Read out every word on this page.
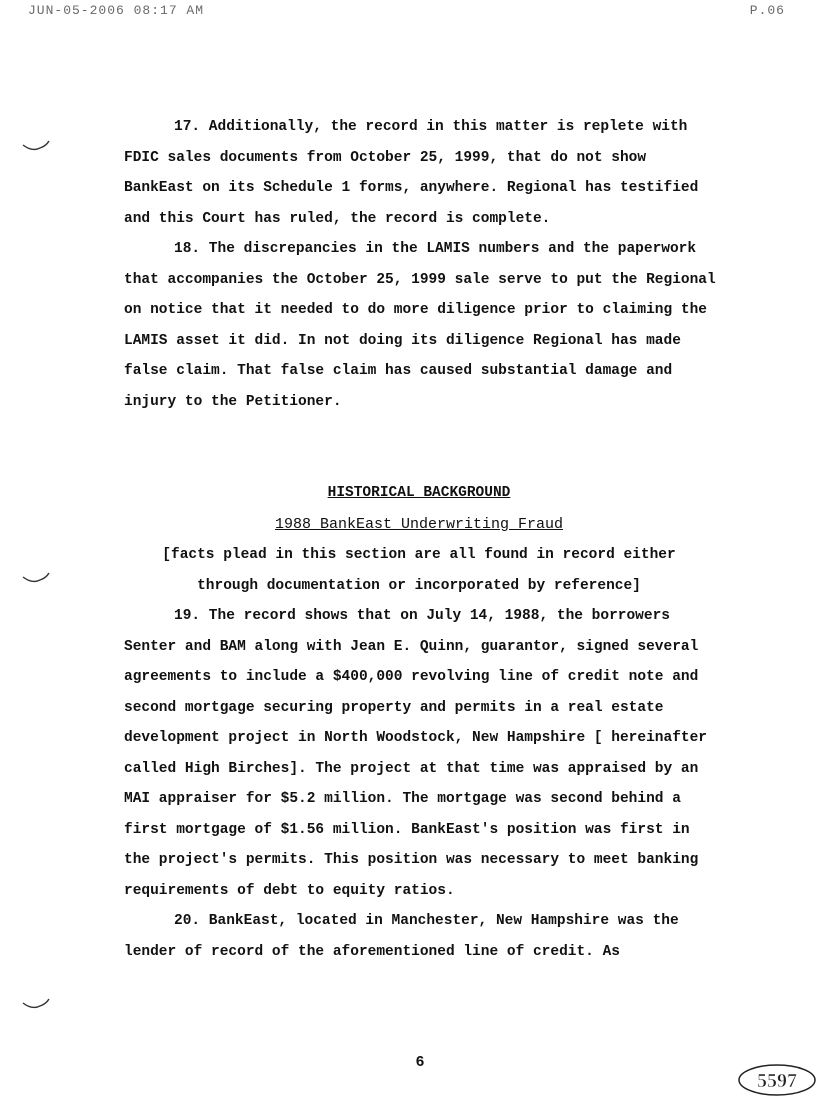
JUN-05-2006 08:17 AM	P.06

17. Additionally, the record in this matter is replete with FDIC sales documents from October 25, 1999, that do not show BankEast on its Schedule 1 forms, anywhere. Regional has testified and this Court has ruled, the record is complete.

18. The discrepancies in the LAMIS numbers and the paperwork that accompanies the October 25, 1999 sale serve to put the Regional on notice that it needed to do more diligence prior to claiming the LAMIS asset it did. In not doing its diligence Regional has made false claim. That false claim has caused substantial damage and injury to the Petitioner.

HISTORICAL BACKGROUND
1988 BankEast Underwriting Fraud
[facts plead in this section are all found in record either
through documentation or incorporated by reference]

19. The record shows that on July 14, 1988, the borrowers Senter and BAM along with Jean E. Quinn, guarantor, signed several agreements to include a $400,000 revolving line of credit note and second mortgage securing property and permits in a real estate development project in North Woodstock, New Hampshire [ hereinafter called High Birches]. The project at that time was appraised by an MAI appraiser for $5.2 million. The mortgage was second behind a first mortgage of $1.56 million. BankEast's position was first in the project's permits. This position was necessary to meet banking requirements of debt to equity ratios.

20. BankEast, located in Manchester, New Hampshire was the lender of record of the aforementioned line of credit. As

6
5597
